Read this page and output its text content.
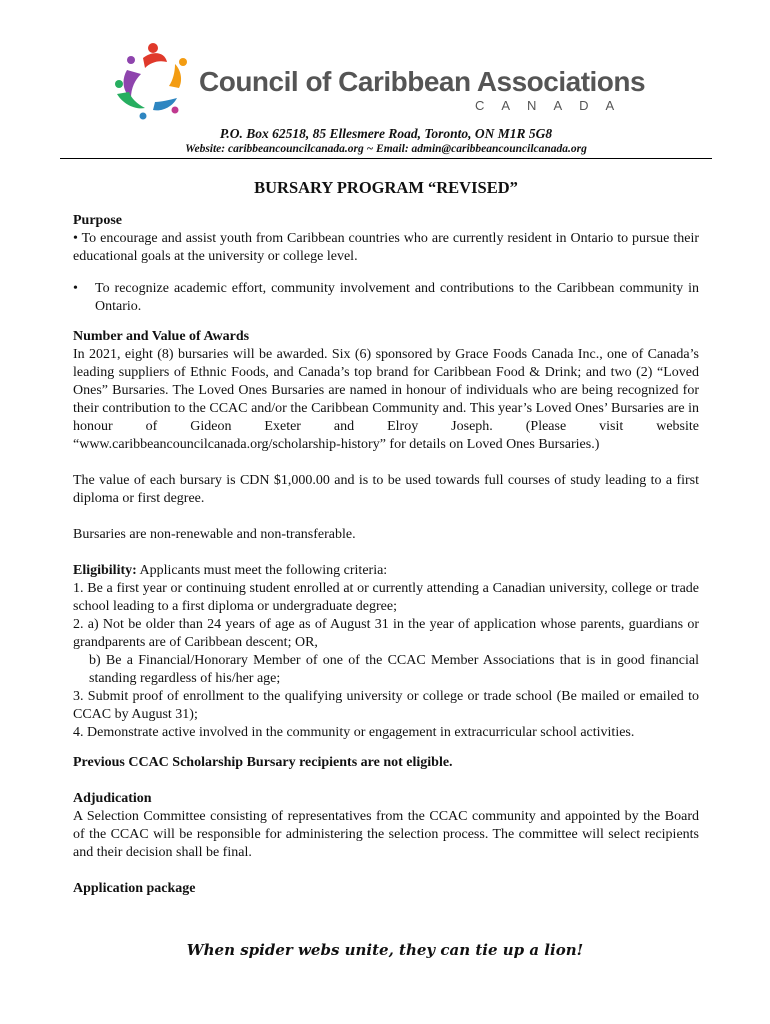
Council of Caribbean Associations
CANADA
P.O. Box 62518, 85 Ellesmere Road, Toronto, ON M1R 5G8
Website: caribbeancouncilcanada.org ~ Email: admin@caribbeancouncilcanada.org
BURSARY PROGRAM “REVISED”

Purpose

• To encourage and assist youth from Caribbean countries who are currently resident in Ontario to pursue their educational goals at the university or college level.

•	To recognize academic effort, community involvement and contributions to the Caribbean community in Ontario.

Number and Value of Awards

In 2021, eight (8) bursaries will be awarded. Six (6) sponsored by Grace Foods Canada Inc., one of Canada’s leading suppliers of Ethnic Foods, and Canada’s top brand for Caribbean Food & Drink; and two (2) “Loved Ones” Bursaries. The Loved Ones Bursaries are named in honour of individuals who are being recognized for their contribution to the CCAC and/or the Caribbean Community and. This year’s Loved Ones’ Bursaries are in honour of Gideon Exeter and Elroy Joseph. (Please visit website “www.caribbeancouncilcanada.org/scholarship-history” for details on Loved Ones Bursaries.)

The value of each bursary is CDN $1,000.00 and is to be used towards full courses of study leading to a first diploma or first degree.

Bursaries are non-renewable and non-transferable.

Eligibility: Applicants must meet the following criteria:

1. Be a first year or continuing student enrolled at or currently attending a Canadian university, college or trade school leading to a first diploma or undergraduate degree;

2. a) Not be older than 24 years of age as of August 31 in the year of application whose parents, guardians or grandparents are of Caribbean descent; OR,

b) Be a Financial/Honorary Member of one of the CCAC Member Associations that is in good financial standing regardless of his/her age;

3. Submit proof of enrollment to the qualifying university or college or trade school (Be mailed or emailed to CCAC by August 31);

4. Demonstrate active involved in the community or engagement in extracurricular school activities.

Previous CCAC Scholarship Bursary recipients are not eligible.

Adjudication

A Selection Committee consisting of representatives from the CCAC community and appointed by the Board of the CCAC will be responsible for administering the selection process. The committee will select recipients and their decision shall be final.

Application package

When spider webs unite, they can tie up a lion!
